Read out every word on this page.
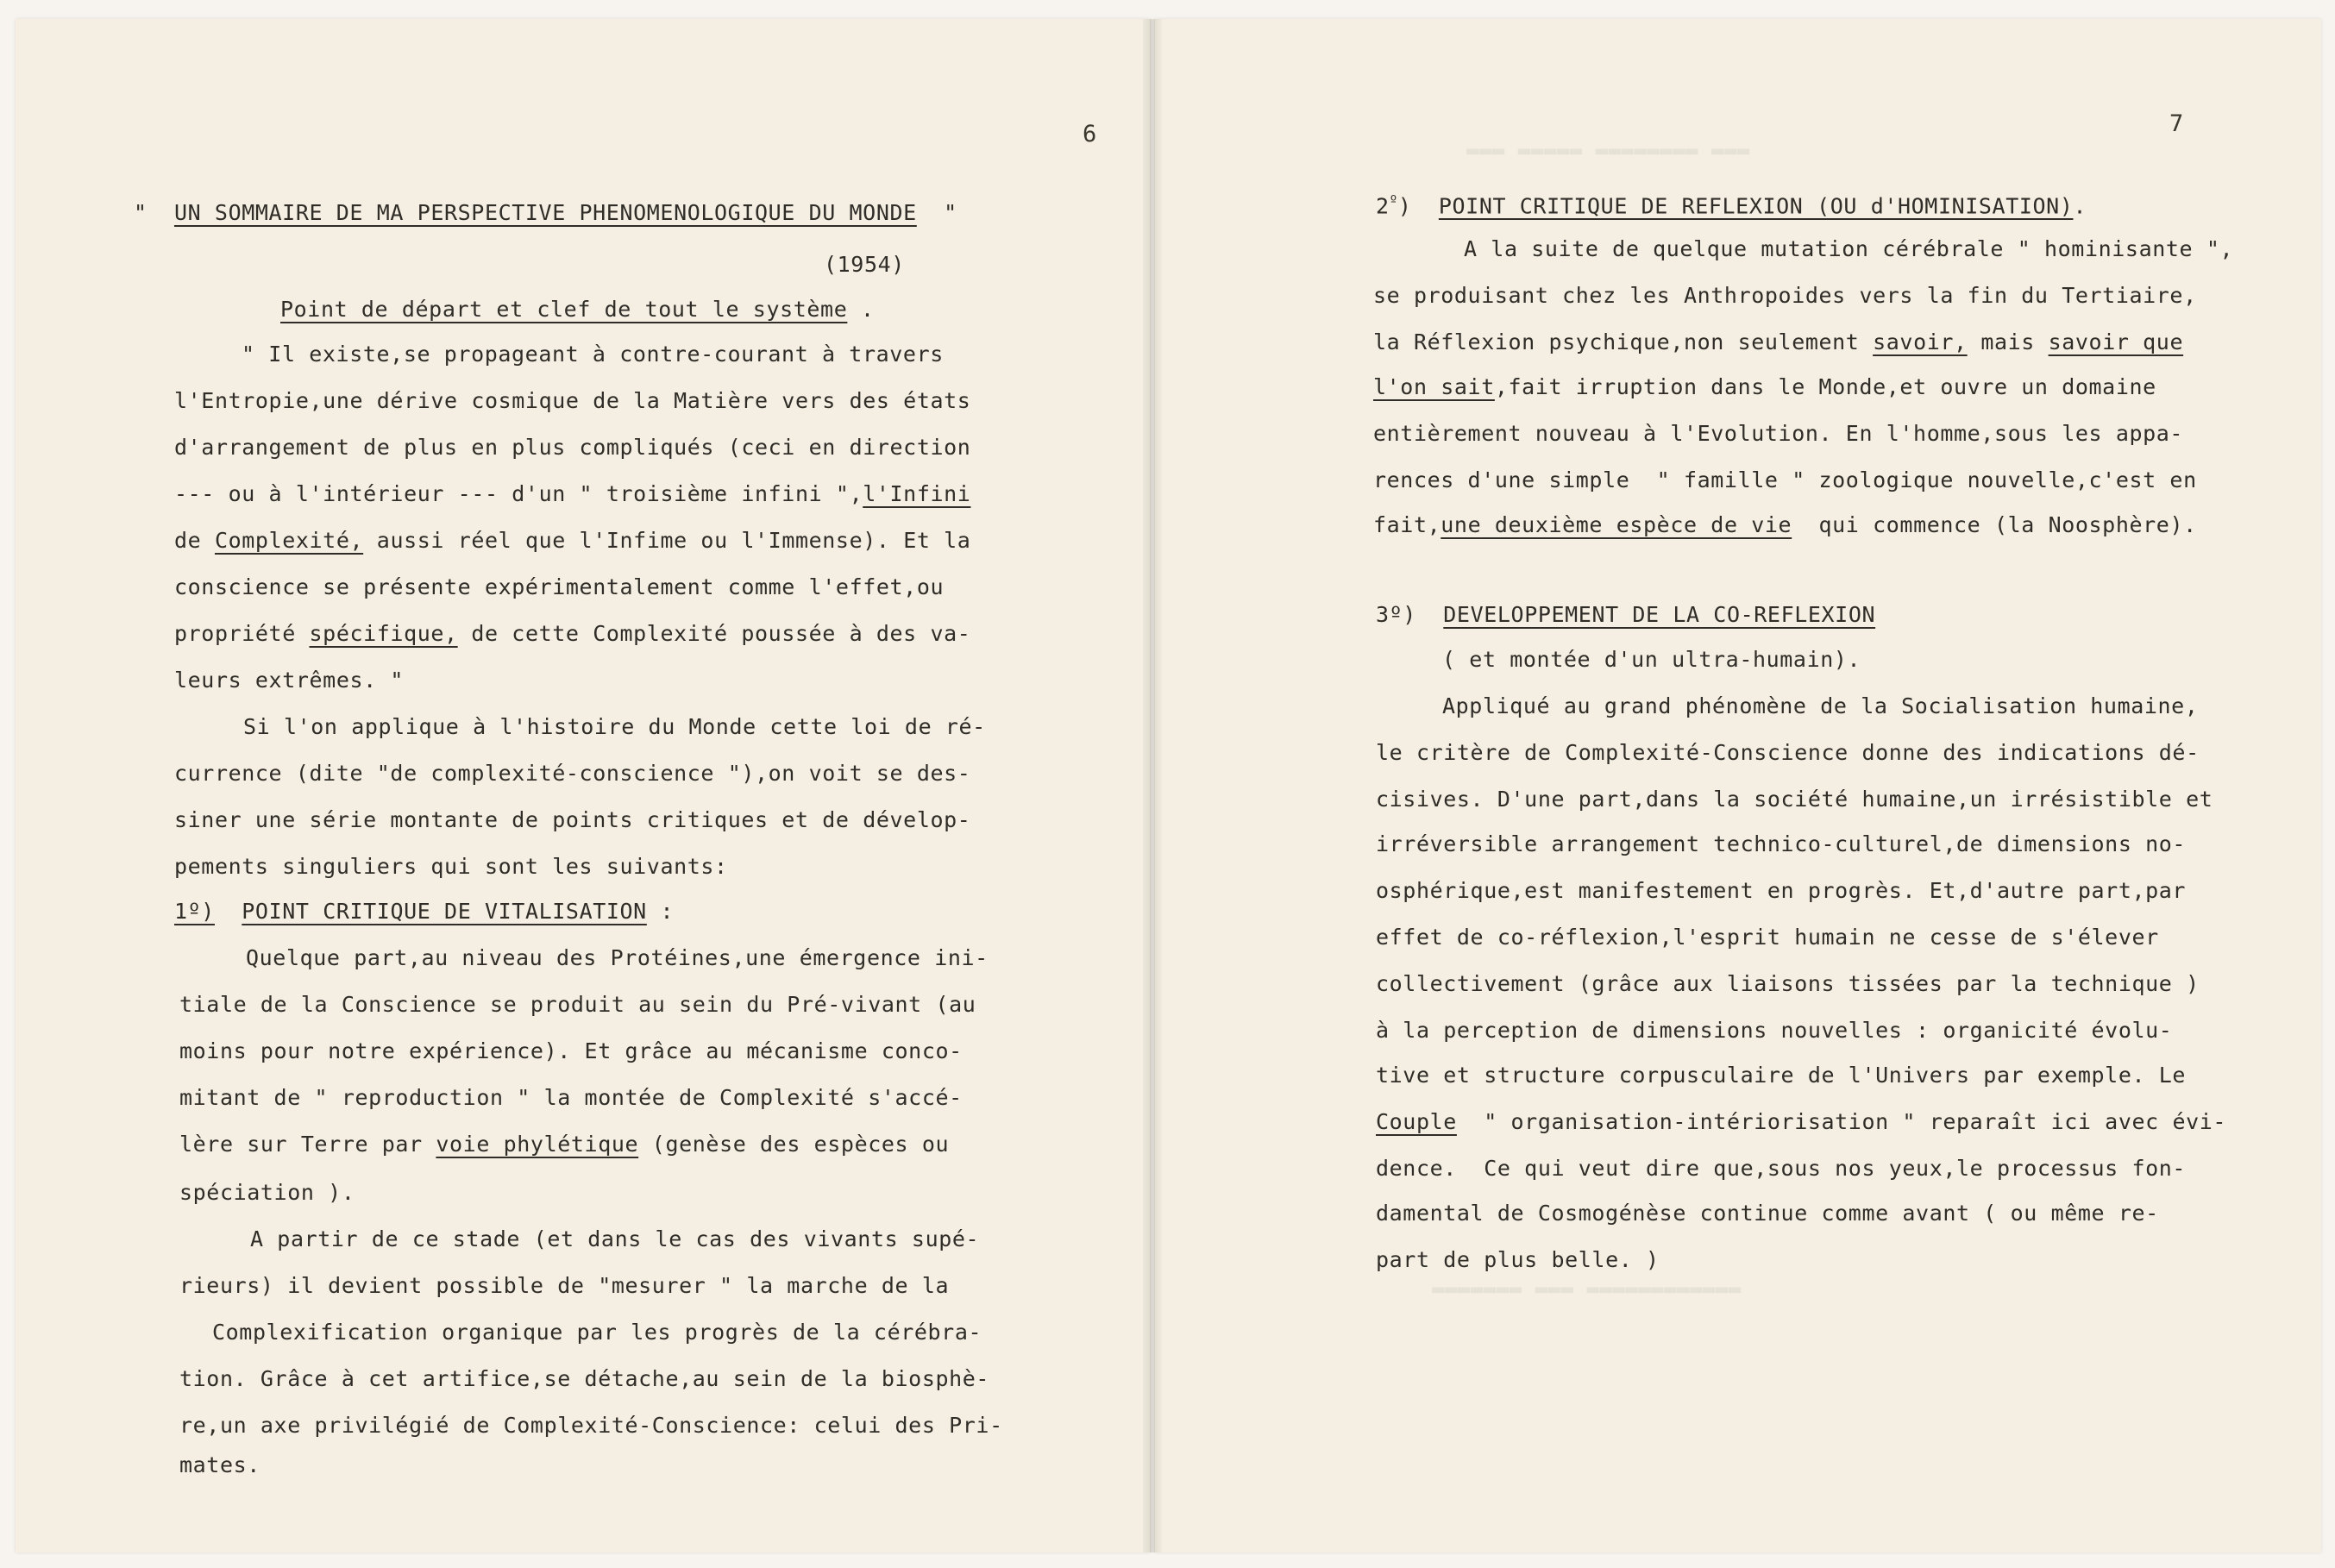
▬▬▬ ▬▬▬▬▬ ▬▬▬▬▬▬▬▬ ▬▬▬
▬▬▬▬▬▬▬ ▬▬▬ ▬▬▬▬▬▬▬▬▬▬▬▬
6
" UN SOMMAIRE DE MA PERSPECTIVE PHENOMENOLOGIQUE DU MONDE "
(1954)
Point de départ et clef de tout le système .
" Il existe,se propageant à contre-courant à travers
l'Entropie,une dérive cosmique de la Matière vers des états
d'arrangement de plus en plus compliqués (ceci en direction
--- ou à l'intérieur --- d'un " troisième infini ",l'Infini
de Complexité, aussi réel que l'Infime ou l'Immense). Et la
conscience se présente expérimentalement comme l'effet,ou
propriété spécifique, de cette Complexité poussée à des va-
leurs extrêmes. "
Si l'on applique à l'histoire du Monde cette loi de ré-
currence (dite "de complexité-conscience "),on voit se des-
siner une série montante de points critiques et de dévelop-
pements singuliers qui sont les suivants:
1º) POINT CRITIQUE DE VITALISATION :
Quelque part,au niveau des Protéines,une émergence ini-
tiale de la Conscience se produit au sein du Pré-vivant (au
moins pour notre expérience). Et grâce au mécanisme conco-
mitant de " reproduction " la montée de Complexité s'accé-
lère sur Terre par voie phylétique (genèse des espèces ou
spéciation ).
A partir de ce stade (et dans le cas des vivants supé-
rieurs) il devient possible de "mesurer " la marche de la
Complexification organique par les progrès de la cérébra-
tion. Grâce à cet artifice,se détache,au sein de la biosphè-
re,un axe privilégié de Complexité-Conscience: celui des Pri-
mates.
7
$2^º$) POINT CRITIQUE DE REFLEXION (OU d'HOMINISATION).
A la suite de quelque mutation cérébrale " hominisante ",
se produisant chez les Anthropoides vers la fin du Tertiaire,
la Réflexion psychique,non seulement savoir, mais savoir que
l'on sait,fait irruption dans le Monde,et ouvre un domaine
entièrement nouveau à l'Evolution. En l'homme,sous les appa-
rences d'une simple  " famille " zoologique nouvelle,c'est en
fait,une deuxième espèce de vie  qui commence (la Noosphère).
3º) DEVELOPPEMENT DE LA CO-REFLEXION
( et montée d'un ultra-humain).
Appliqué au grand phénomène de la Socialisation humaine,
le critère de Complexité-Conscience donne des indications dé-
cisives. D'une part,dans la société humaine,un irrésistible et
irréversible arrangement technico-culturel,de dimensions no-
osphérique,est manifestement en progrès. Et,d'autre part,par
effet de co-réflexion,l'esprit humain ne cesse de s'élever
collectivement (grâce aux liaisons tissées par la technique )
à la perception de dimensions nouvelles : organicité évolu-
tive et structure corpusculaire de l'Univers par exemple. Le
Couple  " organisation-intériorisation " reparaît ici avec évi-
dence.  Ce qui veut dire que,sous nos yeux,le processus fon-
damental de Cosmogénèse continue comme avant ( ou même re-
part de plus belle. )
